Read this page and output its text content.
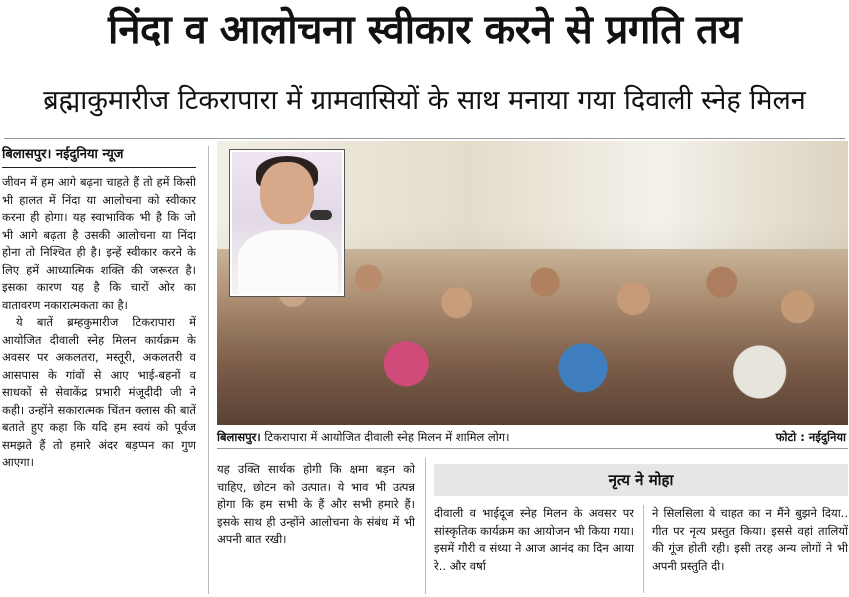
निंदा व आलोचना स्वीकार करने से प्रगति तय
ब्रह्माकुमारीज टिकरापारा में ग्रामवासियों के साथ मनाया गया दिवाली स्नेह मिलन
बिलासपुर। नईदुनिया न्यूज

जीवन में हम आगे बढ़ना चाहते हैं तो हमें किसी भी हालत में निंदा या आलोचना को स्वीकार करना ही होगा। यह स्वाभाविक भी है कि जो भी आगे बढ़ता है उसकी आलोचना या निंदा होना तो निश्चित ही है। इन्हें स्वीकार करने के लिए हमें आध्यात्मिक शक्ति की जरूरत है। इसका कारण यह है कि चारों ओर का वातावरण नकारात्मकता का है।

ये बातें ब्रम्हकुमारीज टिकरापारा में आयोजित दीवाली स्नेह मिलन कार्यक्रम के अवसर पर अकलतरा, मस्तूरी, अकलतरी व आसपास के गांवों से आए भाई-बहनों व साधकों से सेवाकेंद्र प्रभारी मंजूदीदी जी ने कही। उन्होंने सकारात्मक चिंतन क्लास की बातें बताते हुए कहा कि यदि हम स्वयं को पूर्वज समझते हैं तो हमारे अंदर बड़प्पन का गुण आएगा।

बिलासपुर। टिकरापारा में आयोजित दीवाली स्नेह मिलन में शामिल लोग।	फोटो : नईदुनिया

यह उक्ति सार्थक होगी कि क्षमा बड़न को चाहिए, छोटन को उत्पात। ये भाव भी उत्पन्न होगा कि हम सभी के हैं और सभी हमारे हैं। इसके साथ ही उन्होंने आलोचना के संबंध में भी अपनी बात रखी।

नृत्य ने मोहा

दीवाली व भाईदूज स्नेह मिलन के अवसर पर सांस्कृतिक कार्यक्रम का आयोजन भी किया गया। इसमें गौरी व संध्या ने आज आनंद का दिन आया रे.. और वर्षा

ने सिलसिला ये चाहत का न मैंने बुझने दिया.. गीत पर नृत्य प्रस्तुत किया। इससे वहां तालियों की गूंज होती रही। इसी तरह अन्य लोगों ने भी अपनी प्रस्तुति दी।
